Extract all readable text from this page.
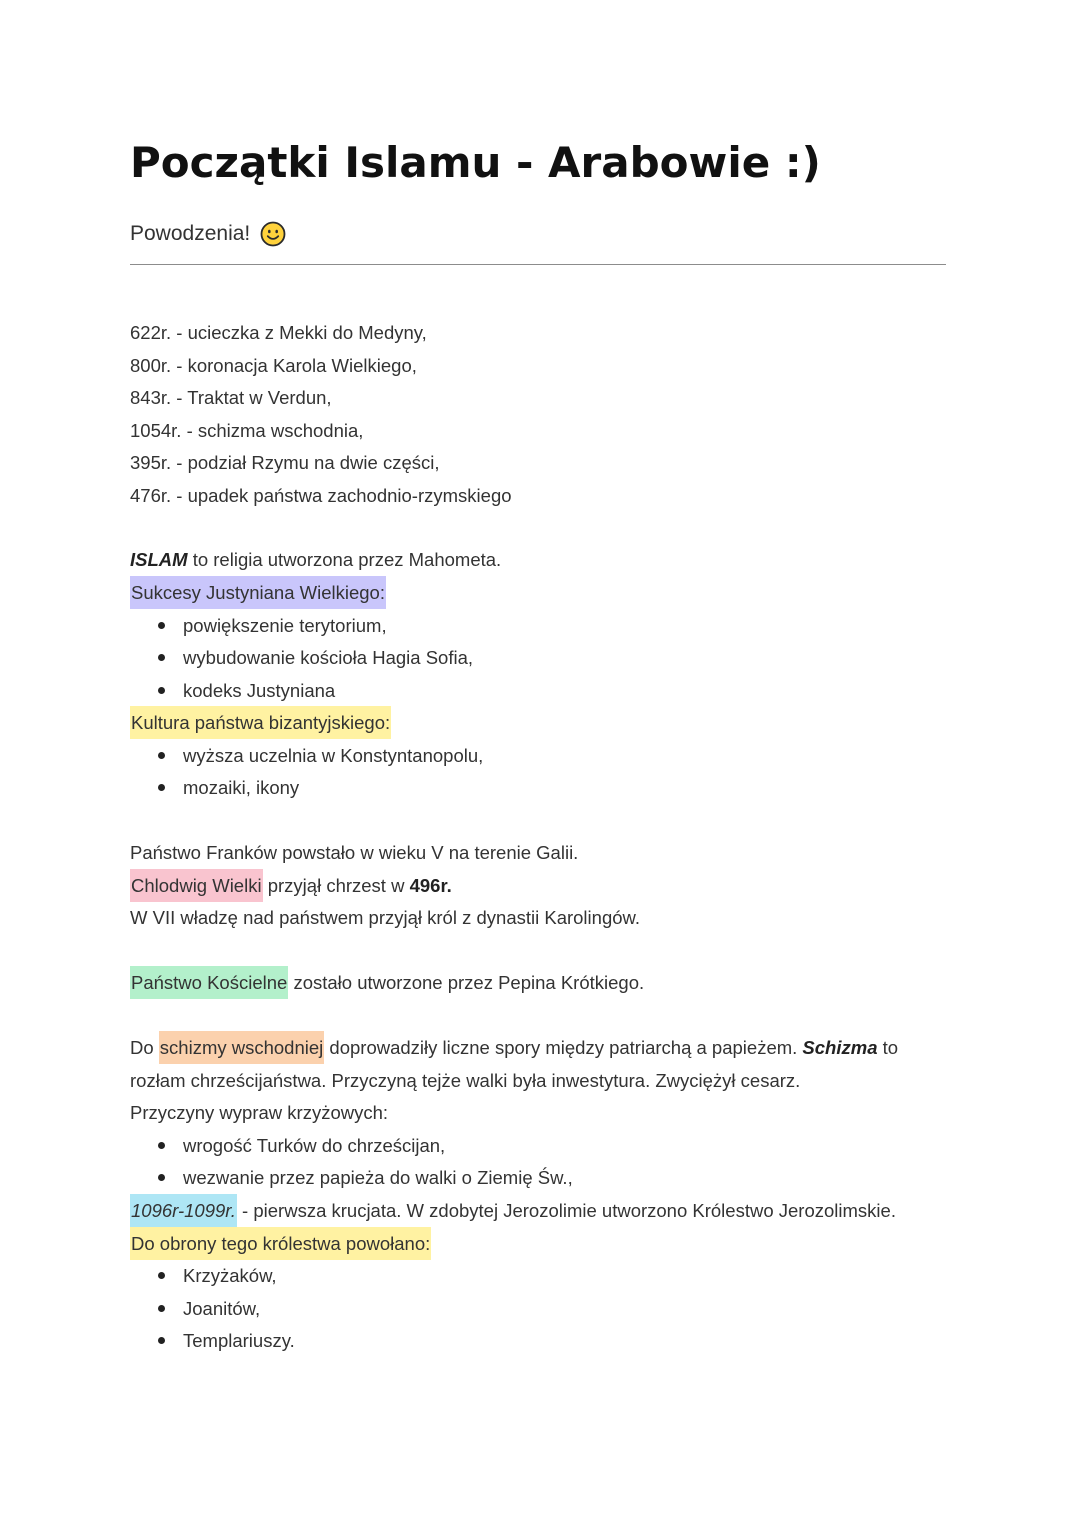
Początki Islamu - Arabowie :)
Powodzenia!
622r. - ucieczka z Mekki do Medyny,
800r. - koronacja Karola Wielkiego,
843r. - Traktat w Verdun,
1054r. - schizma wschodnia,
395r. - podział Rzymu na dwie części,
476r. - upadek państwa zachodnio-rzymskiego
ISLAM to religia utworzona przez Mahometa.
Sukcesy Justyniana Wielkiego:
powiększenie terytorium,
wybudowanie kościoła Hagia Sofia,
kodeks Justyniana
Kultura państwa bizantyjskiego:
wyższa uczelnia w Konstyntanopolu,
mozaiki, ikony
Państwo Franków powstało w wieku V na terenie Galii.
Chlodwig Wielki przyjął chrzest w 496r.
W VII władzę nad państwem przyjął król z dynastii Karolingów.
Państwo Kościelne zostało utworzone przez Pepina Krótkiego.
Do schizmy wschodniej doprowadziły liczne spory między patriarchą a papieżem. Schizma to
rozłam chrześcijaństwa. Przyczyną tejże walki była inwestytura. Zwyciężył cesarz.
Przyczyny wypraw krzyżowych:
wrogość Turków do chrześcijan,
wezwanie przez papieża do walki o Ziemię Św.,
1096r-1099r. - pierwsza krucjata. W zdobytej Jerozolimie utworzono Królestwo Jerozolimskie.
Do obrony tego królestwa powołano:
Krzyżaków,
Joanitów,
Templariuszy.
